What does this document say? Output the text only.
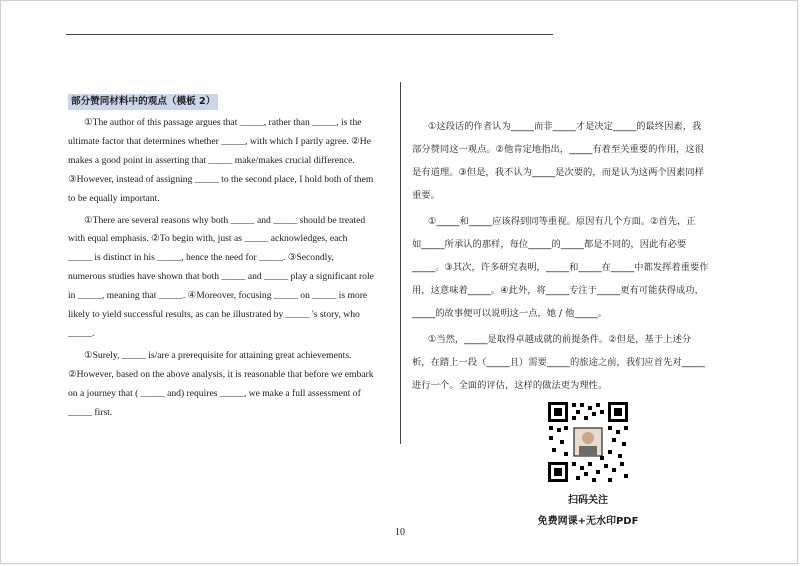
部分赞同材料中的观点（模板 2）
①The author of this passage argues that _____, rather than _____, is the
ultimate factor that determines whether _____, with which I partly agree. ②He
makes a good point in asserting that _____ make/makes crucial difference.
③However, instead of assigning _____ to the second place, I hold both of them
to be equally important.
①There are several reasons why both _____ and _____ should be treated
with equal emphasis. ②To begin with, just as _____ acknowledges, each
_____ is distinct in his _____, hence the need for _____. ③Secondly,
numerous studies have shown that both _____ and _____ play a significant role
in _____, meaning that _____. ④Moreover, focusing _____ on _____ is more
likely to yield successful results, as can be illustrated by _____ 's story, who
_____.
①Surely, _____ is/are a prerequisite for attaining great achievements.
②However, based on the above analysis, it is reasonable that before we embark
on a journey that ( _____ and) requires _____, we make a full assessment of
_____ first.
①这段话的作者认为_____而非_____才是决定_____的最终因素，我
部分赞同这一观点。②他肯定地指出，_____有着至关重要的作用，这很
是有道理。③但是，我不认为_____是次要的，而是认为这两个因素同样
重要。
①_____和_____应该得到同等重视。原因有几个方面。②首先，正
如_____所承认的那样，每位_____的_____都是不同的，因此有必要
_____。③其次，许多研究表明，_____和_____在_____中都发挥着重要作
用，这意味着_____。④此外，将_____专注于_____更有可能获得成功，
_____的故事便可以说明这一点，她 / 他_____。
①当然，_____是取得卓越成就的前提条件。②但是，基于上述分
析，在踏上一段（_____且）需要_____的旅途之前，我们应首先对_____
进行一个。全面的评估，这样的做法更为理性。
扫码关注
免费网课+无水印PDF
10
